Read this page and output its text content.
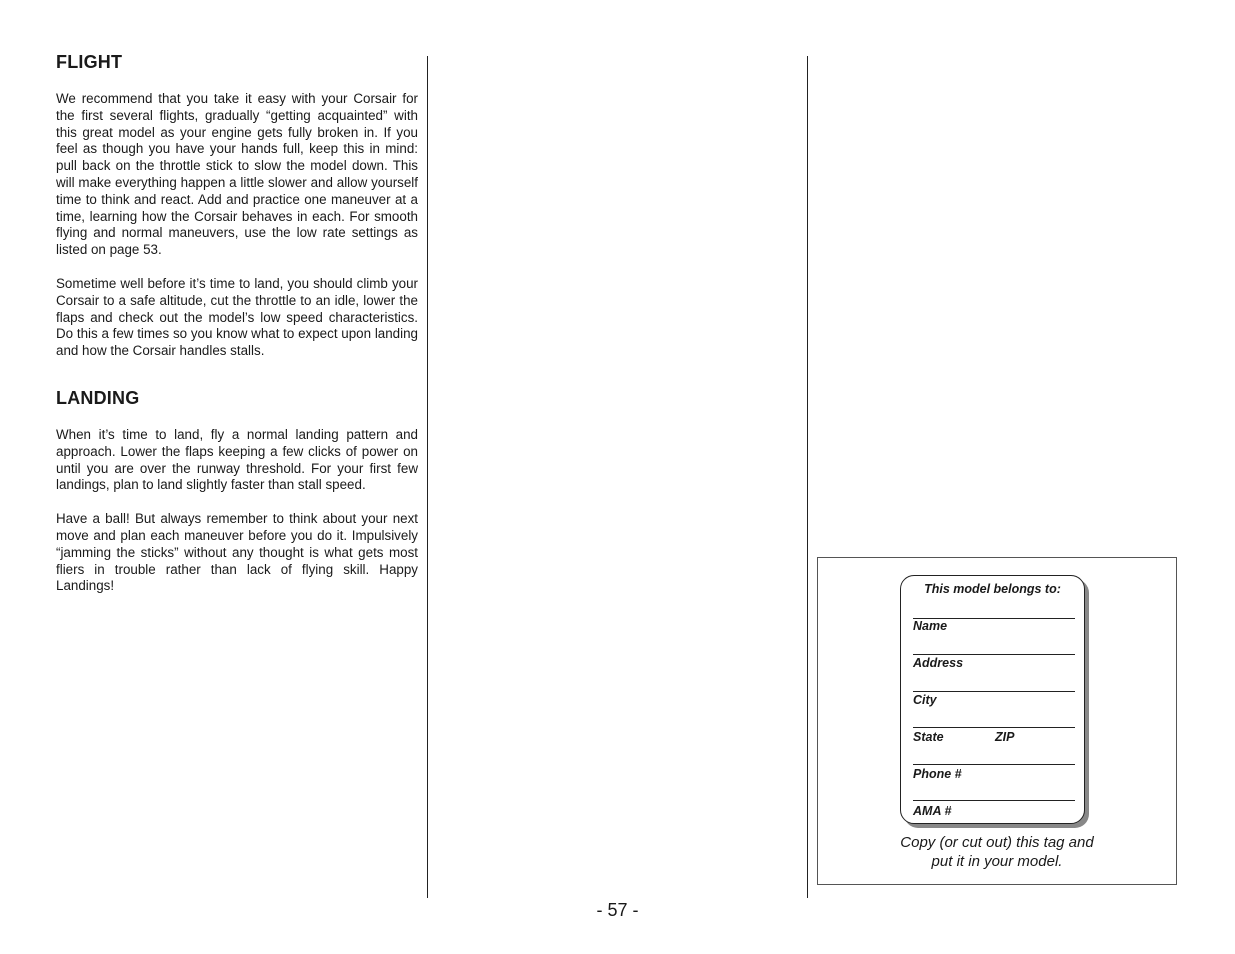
FLIGHT

We recommend that you take it easy with your Corsair for the first several flights, gradually “getting acquainted” with this great model as your engine gets fully broken in. If you feel as though you have your hands full, keep this in mind: pull back on the throttle stick to slow the model down. This will make everything happen a little slower and allow yourself time to think and react. Add and practice one maneuver at a time, learning how the Corsair behaves in each. For smooth flying and normal maneuvers, use the low rate settings as listed on page 53.

Sometime well before it’s time to land, you should climb your Corsair to a safe altitude, cut the throttle to an idle, lower the flaps and check out the model’s low speed characteristics. Do this a few times so you know what to expect upon landing and how the Corsair handles stalls.

LANDING

When it’s time to land, fly a normal landing pattern and approach. Lower the flaps keeping a few clicks of power on until you are over the runway threshold. For your first few landings, plan to land slightly faster than stall speed.

Have a ball! But always remember to think about your next move and plan each maneuver before you do it. Impulsively “jamming the sticks” without any thought is what gets most fliers in trouble rather than lack of flying skill. Happy Landings!	This model belongs to:
Name
Address
City
State	ZIP
Phone #
AMA #
Copy (or cut out) this tag and
put it in your model.
- 57 -
